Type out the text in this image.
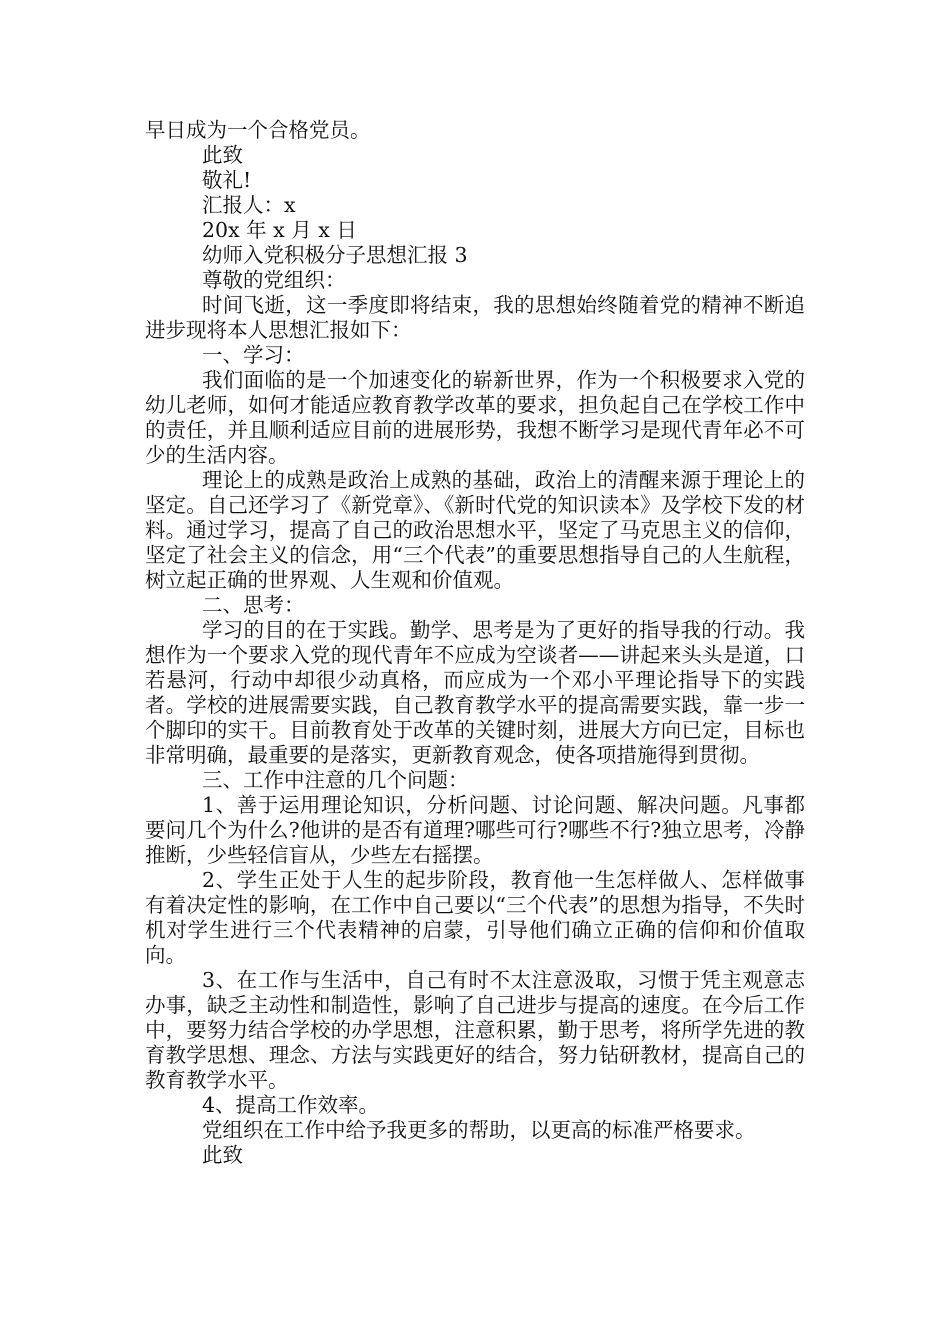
早日成为一个合格党员。
此致
敬礼!
汇报人：x
20x 年 x 月 x 日
幼师入党积极分子思想汇报 3
尊敬的党组织：

时间飞逝，这一季度即将结束，我的思想始终随着党的精神不断追进步现将本人思想汇报如下：

一、学习：

我们面临的是一个加速变化的崭新世界，作为一个积极要求入党的幼儿老师，如何才能适应教育教学改革的要求，担负起自己在学校工作中的责任，并且顺利适应目前的进展形势，我想不断学习是现代青年必不可少的生活内容。

理论上的成熟是政治上成熟的基础，政治上的清醒来源于理论上的坚定。自己还学习了《新党章》、《新时代党的知识读本》及学校下发的材料。通过学习，提高了自己的政治思想水平，坚定了马克思主义的信仰，坚定了社会主义的信念，用“三个代表”的重要思想指导自己的人生航程，树立起正确的世界观、人生观和价值观。

二、思考：

学习的目的在于实践。勤学、思考是为了更好的指导我的行动。我想作为一个要求入党的现代青年不应成为空谈者——讲起来头头是道，口若悬河，行动中却很少动真格，而应成为一个邓小平理论指导下的实践者。学校的进展需要实践，自己教育教学水平的提高需要实践，靠一步一个脚印的实干。目前教育处于改革的关键时刻，进展大方向已定，目标也非常明确，最重要的是落实，更新教育观念，使各项措施得到贯彻。

三、工作中注意的几个问题：

1、善于运用理论知识，分析问题、讨论问题、解决问题。凡事都要问几个为什么?他讲的是否有道理?哪些可行?哪些不行?独立思考，冷静推断，少些轻信盲从，少些左右摇摆。

2、学生正处于人生的起步阶段，教育他一生怎样做人、怎样做事有着决定性的影响，在工作中自己要以“三个代表”的思想为指导，不失时机对学生进行三个代表精神的启蒙，引导他们确立正确的信仰和价值取向。

3、在工作与生活中，自己有时不太注意汲取，习惯于凭主观意志办事，缺乏主动性和制造性，影响了自己进步与提高的速度。在今后工作中，要努力结合学校的办学思想，注意积累，勤于思考，将所学先进的教育教学思想、理念、方法与实践更好的结合，努力钻研教材，提高自己的教育教学水平。

4、提高工作效率。

党组织在工作中给予我更多的帮助，以更高的标准严格要求。

此致
